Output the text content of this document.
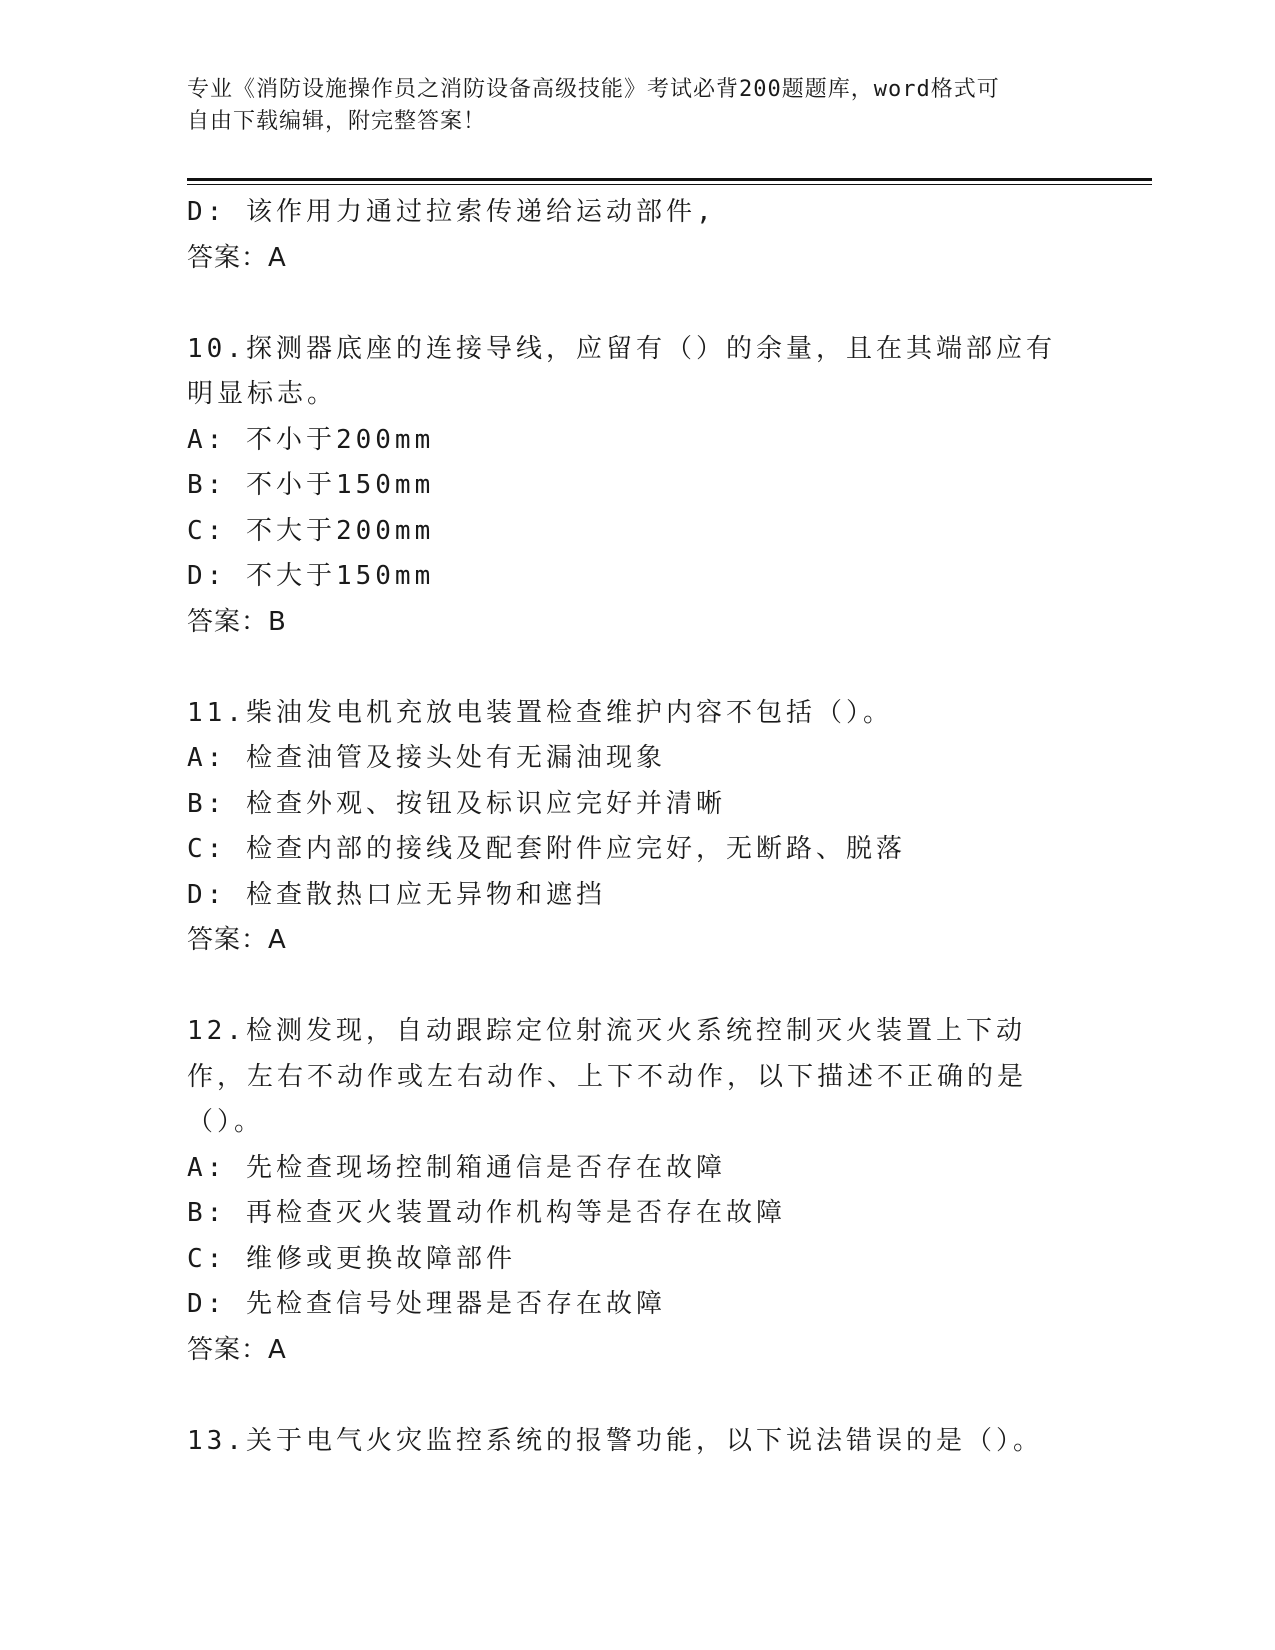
专业《消防设施操作员之消防设备高级技能》考试必背200题题库，word格式可
自由下载编辑，附完整答案！
D: 该作用力通过拉索传递给运动部件,
答案：A
10.探测器底座的连接导线，应留有（）的余量，且在其端部应有明显标志。
A: 不小于200mm
B: 不小于150mm
C: 不大于200mm
D: 不大于150mm
答案：B
11.柴油发电机充放电装置检查维护内容不包括（）。
A: 检查油管及接头处有无漏油现象
B: 检查外观、按钮及标识应完好并清晰
C: 检查内部的接线及配套附件应完好，无断路、脱落
D: 检查散热口应无异物和遮挡
答案：A
12.检测发现，自动跟踪定位射流灭火系统控制灭火装置上下动作，左右不动作或左右动作、上下不动作，以下描述不正确的是（）。
A: 先检查现场控制箱通信是否存在故障
B: 再检查灭火装置动作机构等是否存在故障
C: 维修或更换故障部件
D: 先检查信号处理器是否存在故障
答案：A
13.关于电气火灾监控系统的报警功能，以下说法错误的是（）。
